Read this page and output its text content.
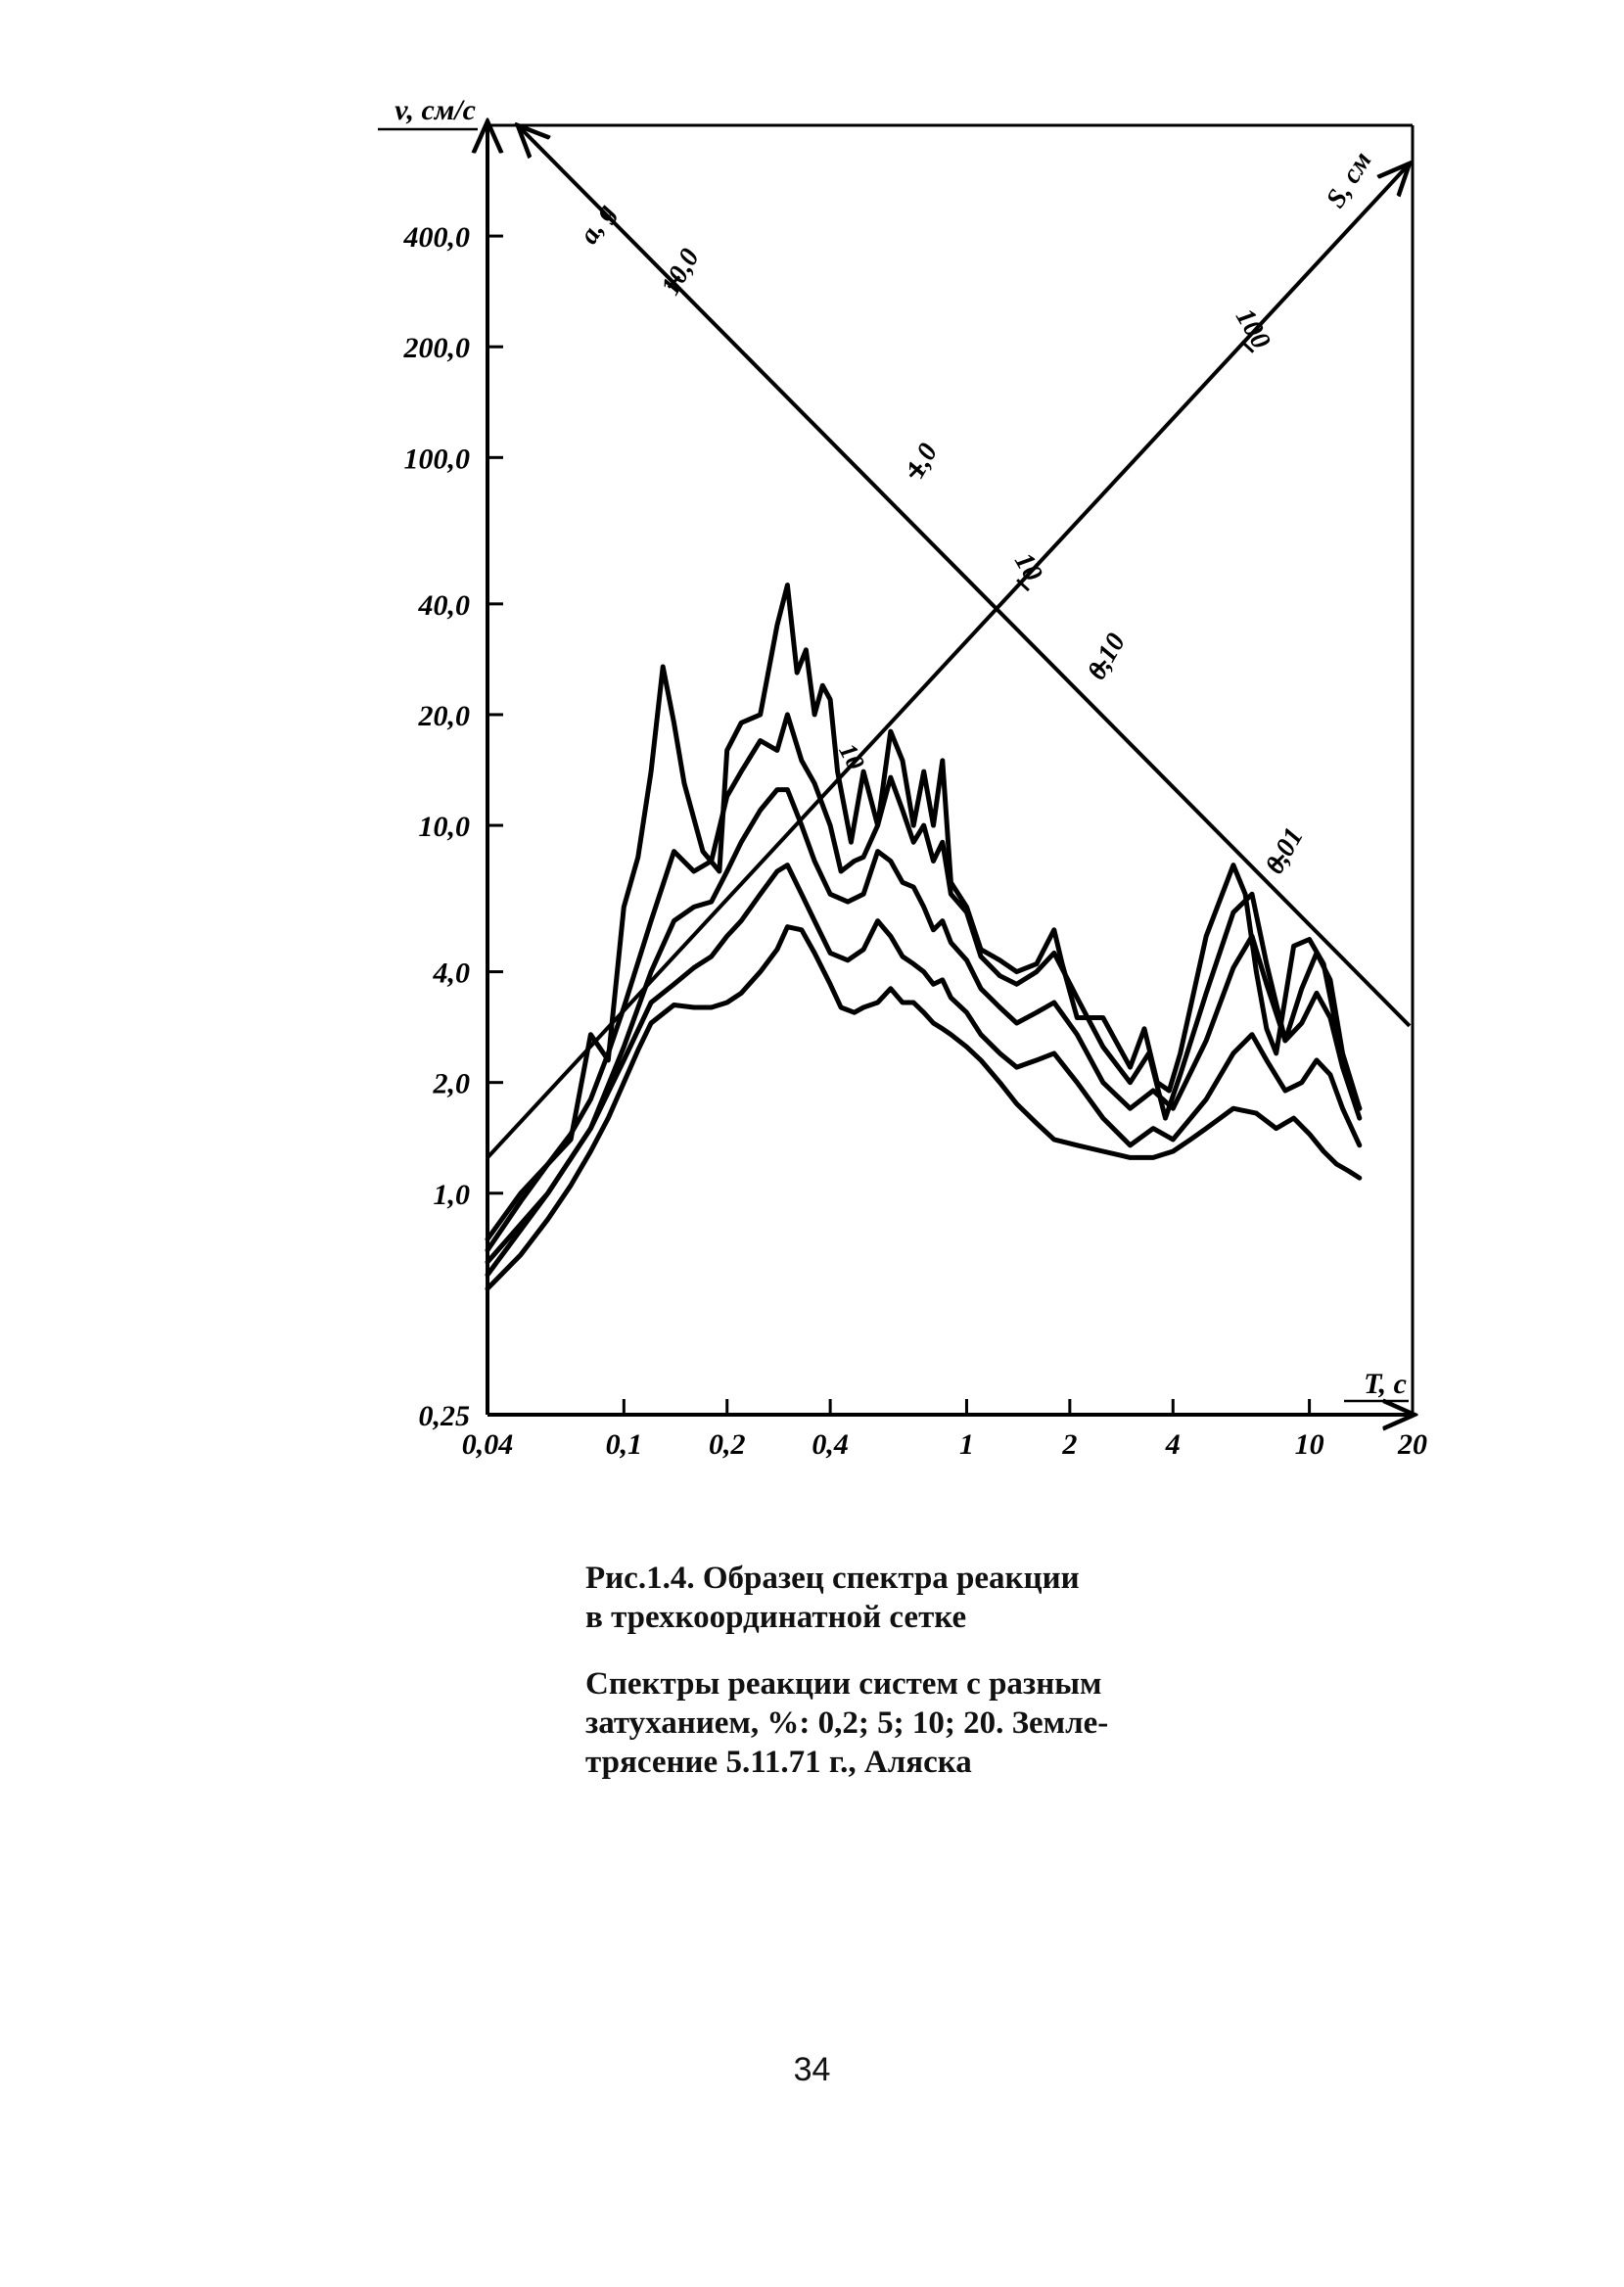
400,0
200,0
100,0
40,0
20,0
10,0
4,0
2,0
1,0
0,25
0,04	0,1 0,2 0,4	1	2	4	10	20
v, см/с
T, c
10,0
1,0
0,10
0,01
a, g
10
100
S, см
10
Рис.1.4. Образец спектра реакции
в трехкоординатной сетке
Спектры реакции систем с разным
затуханием, %: 0,2; 5; 10; 20. Земле-
трясение 5.11.71 г., Аляска
34
